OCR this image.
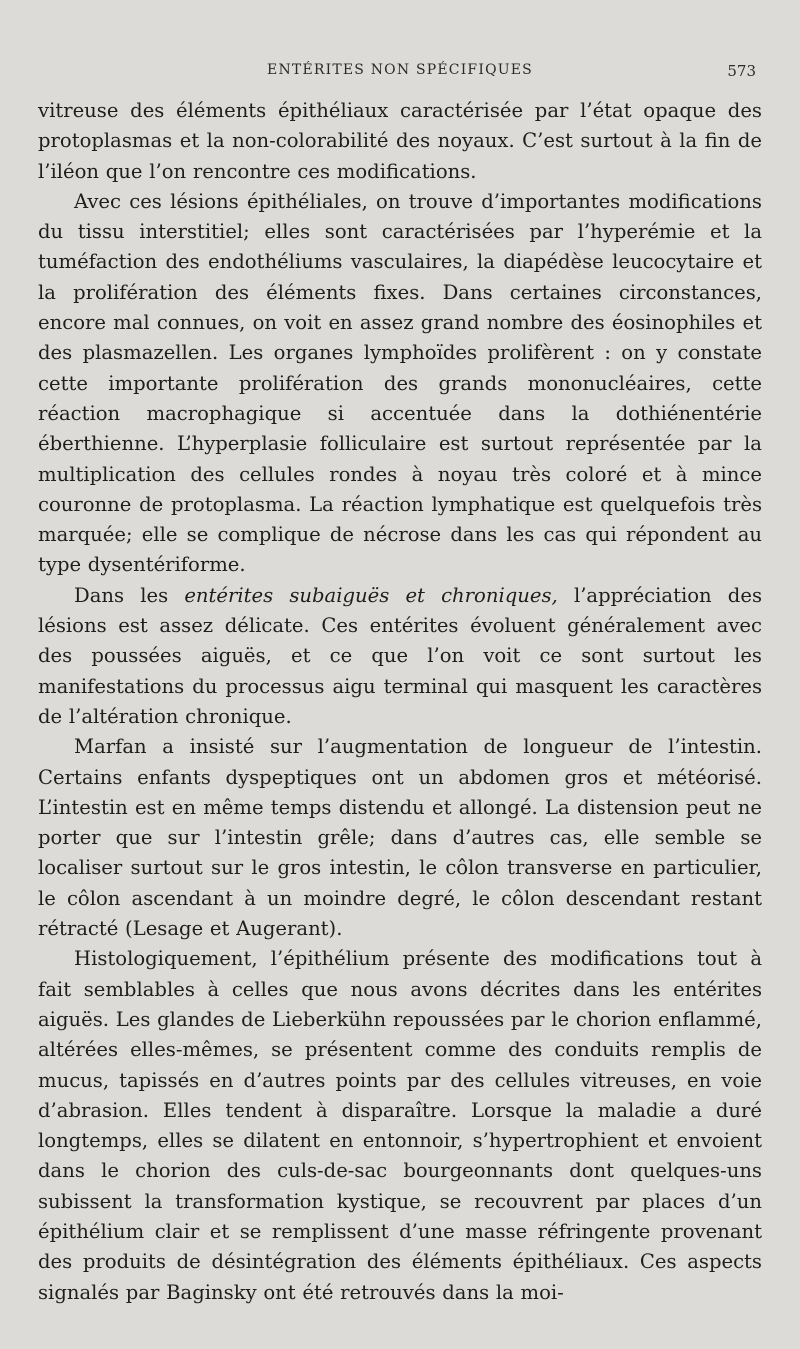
ENTÉRITES NON SPÉCIFIQUES	573

vitreuse des éléments épithéliaux caractérisée par l’état opaque des protoplasmas et la non-colorabilité des noyaux. C’est surtout à la fin de l’iléon que l’on rencontre ces modifications.

Avec ces lésions épithéliales, on trouve d’importantes modifications du tissu interstitiel; elles sont caractérisées par l’hyperémie et la tuméfaction des endothéliums vasculaires, la diapédèse leucocytaire et la prolifération des éléments fixes. Dans certaines circonstances, encore mal connues, on voit en assez grand nombre des éosinophiles et des plasmazellen. Les organes lymphoïdes prolifèrent : on y constate cette importante prolifération des grands mononucléaires, cette réaction macrophagique si accentuée dans la dothiénentérie éberthienne. L’hyperplasie folliculaire est surtout représentée par la multiplication des cellules rondes à noyau très coloré et à mince couronne de protoplasma. La réaction lymphatique est quelquefois très marquée; elle se complique de nécrose dans les cas qui répondent au type dysentériforme.

Dans les entérites subaiguës et chroniques, l’appréciation des lésions est assez délicate. Ces entérites évoluent généralement avec des poussées aiguës, et ce que l’on voit ce sont surtout les manifestations du processus aigu terminal qui masquent les caractères de l’altération chronique.

Marfan a insisté sur l’augmentation de longueur de l’intestin. Certains enfants dyspeptiques ont un abdomen gros et météorisé. L’intestin est en même temps distendu et allongé. La distension peut ne porter que sur l’intestin grêle; dans d’autres cas, elle semble se localiser surtout sur le gros intestin, le côlon transverse en particulier, le côlon ascendant à un moindre degré, le côlon descendant restant rétracté (Lesage et Augerant).

Histologiquement, l’épithélium présente des modifications tout à fait semblables à celles que nous avons décrites dans les entérites aiguës. Les glandes de Lieberkühn repoussées par le chorion enflammé, altérées elles-mêmes, se présentent comme des conduits remplis de mucus, tapissés en d’autres points par des cellules vitreuses, en voie d’abrasion. Elles tendent à disparaître. Lorsque la maladie a duré longtemps, elles se dilatent en entonnoir, s’hypertrophient et envoient dans le chorion des culs-de-sac bourgeonnants dont quelques-uns subissent la transformation kystique, se recouvrent par places d’un épithélium clair et se remplissent d’une masse réfringente provenant des produits de désintégration des éléments épithéliaux. Ces aspects signalés par Baginsky ont été retrouvés dans la moi-
